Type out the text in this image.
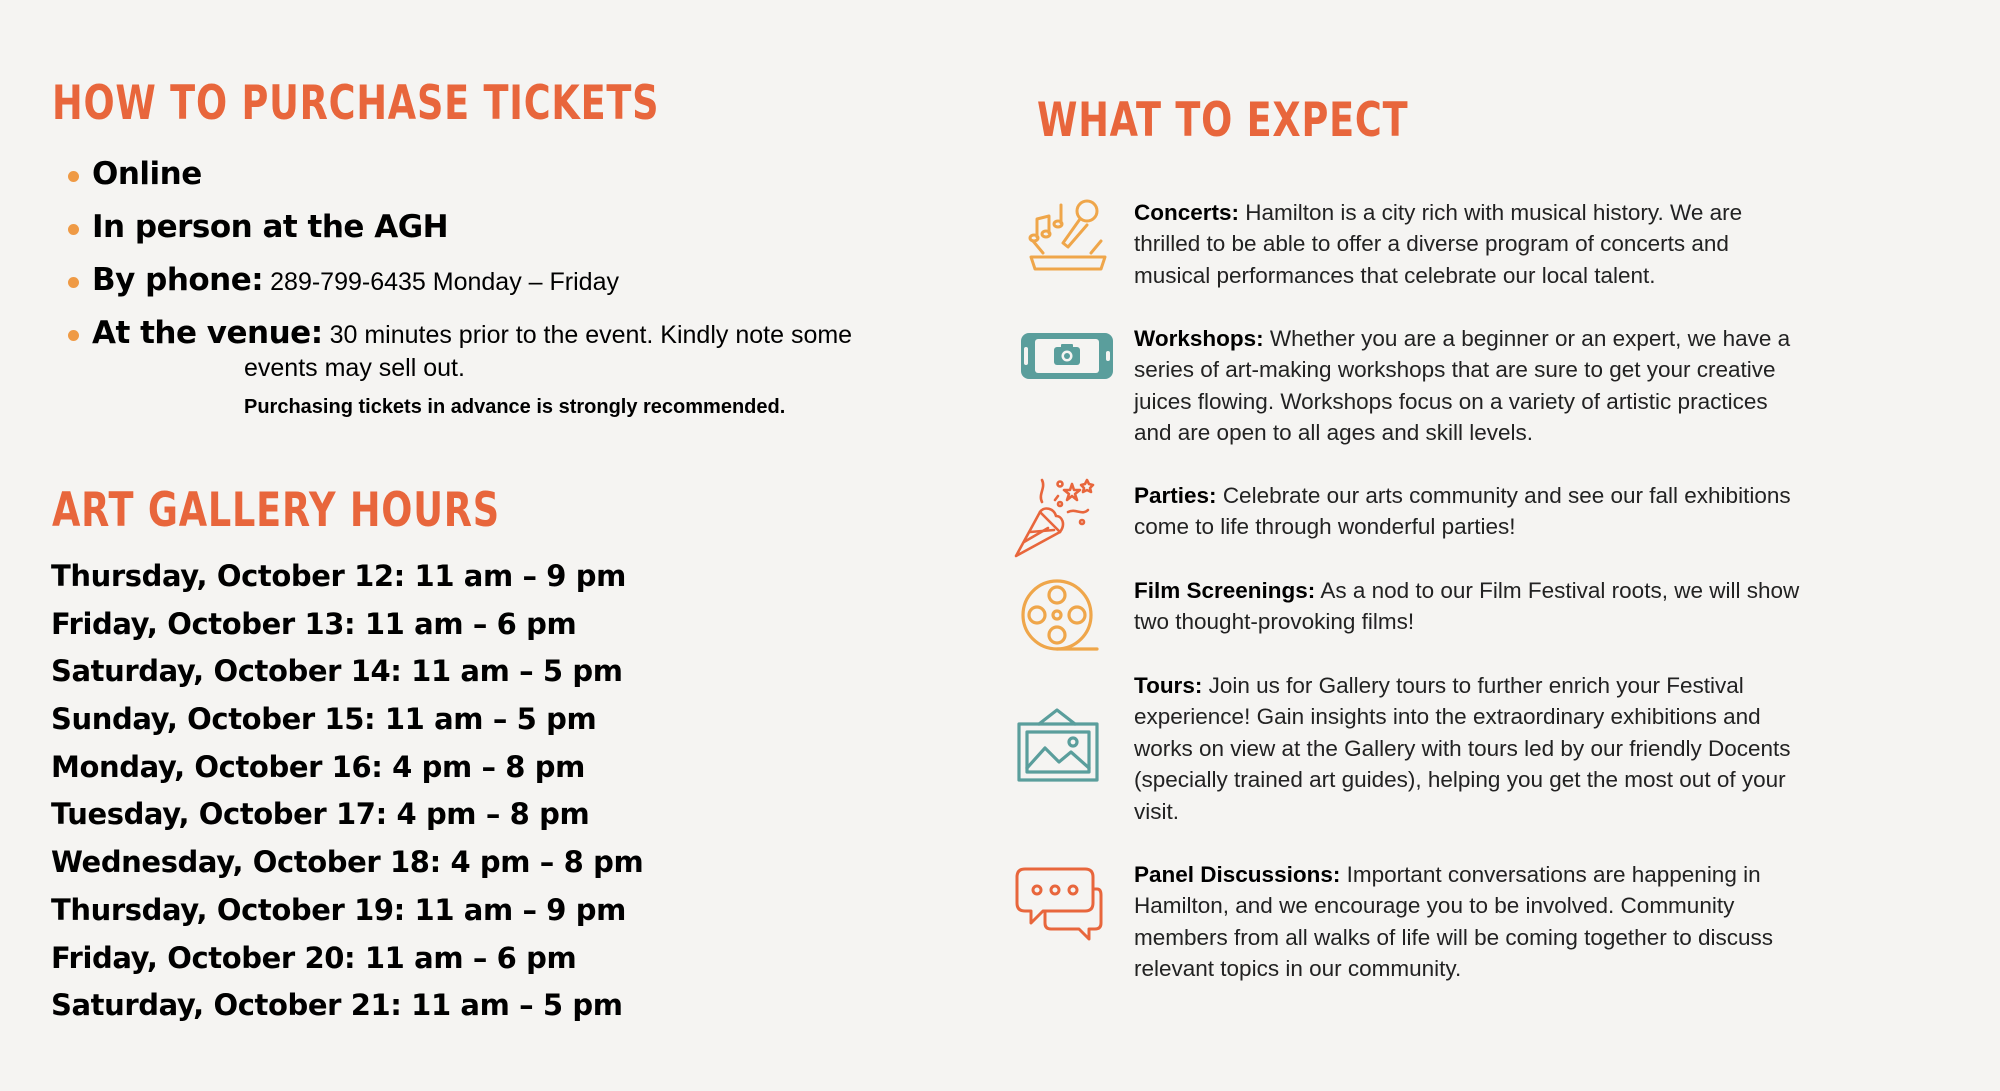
HOW TO PURCHASE TICKETS
Online
In person at the AGH
By phone: 289-799-6435 Monday – Friday
At the venue: 30 minutes prior to the event. Kindly note some
events may sell out.
Purchasing tickets in advance is strongly recommended.
ART GALLERY HOURS
Thursday, October 12: 11 am – 9 pm
Friday, October 13: 11 am – 6 pm
Saturday, October 14: 11 am – 5 pm
Sunday, October 15: 11 am – 5 pm
Monday, October 16: 4 pm – 8 pm
Tuesday, October 17: 4 pm – 8 pm
Wednesday, October 18: 4 pm – 8 pm
Thursday, October 19: 11 am – 9 pm
Friday, October 20: 11 am – 6 pm
Saturday, October 21: 11 am – 5 pm
WHAT TO EXPECT
Concerts: Hamilton is a city rich with musical history. We are thrilled to be able to offer a diverse program of concerts and musical performances that celebrate our local talent.
Workshops: Whether you are a beginner or an expert, we have a series of art-making workshops that are sure to get your creative juices flowing. Workshops focus on a variety of artistic practices and are open to all ages and skill levels.
Parties: Celebrate our arts community and see our fall exhibitions come to life through wonderful parties!
Film Screenings: As a nod to our Film Festival roots, we will show two thought-provoking films!
Tours: Join us for Gallery tours to further enrich your Festival experience! Gain insights into the extraordinary exhibitions and works on view at the Gallery with tours led by our friendly Docents (specially trained art guides), helping you get the most out of your visit.
Panel Discussions: Important conversations are happening in Hamilton, and we encourage you to be involved. Community members from all walks of life will be coming together to discuss relevant topics in our community.
